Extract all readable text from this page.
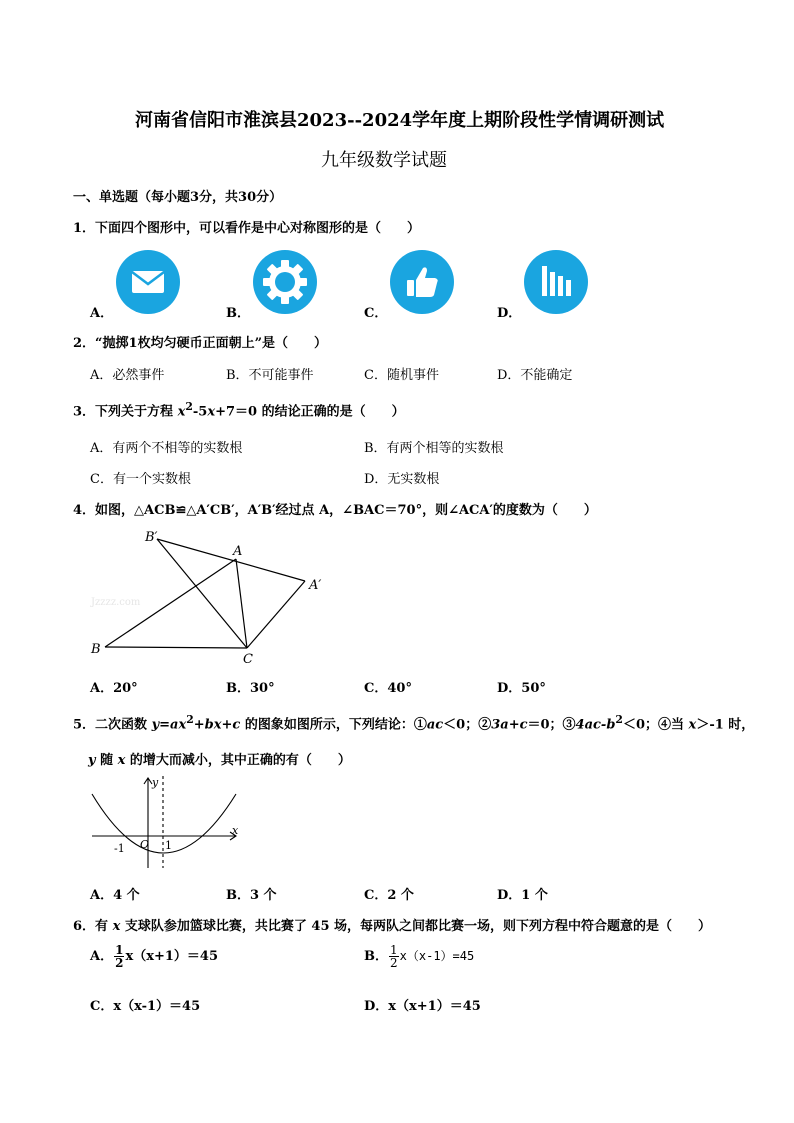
河南省信阳市淮滨县2023--2024学年度上期阶段性学情调研测试
九年级数学试题
一、单选题（每小题3分，共30分）
1．下面四个图形中，可以看作是中心对称图形的是（　　）
A．	B．	C．	D．
2．“抛掷1枚均匀硬币正面朝上”是（　　）
A．必然事件	B．不可能事件	C．随机事件	D．不能确定
3．下列关于方程 $x^2-5x+7=0$ 的结论正确的是（　　）
A．有两个不相等的实数根	B．有两个相等的实数根
C．有一个实数根	D．无实数根
4．如图，△ACB≌△A′CB′，A′B′经过点 A，∠BAC＝70°，则∠ACA′的度数为（　　）
B′
A
A′
B
C
Jzzzz.com
A．20°	B．30°	C．40°	D．50°
5．二次函数 $y=ax^2+bx+c$ 的图象如图所示，下列结论：①ac＜0；②3a+c＝0；$③4ac-b^2<0$；④当 x＞-1 时，
y 随 x 的增大而减小，其中正确的有（　　）
y
x
O
-1	1
A．4 个	B．3 个	C．2 个	D．1 个
6．有 x 支球队参加篮球比赛，共比赛了 45 场，每两队之间都比赛一场，则下列方程中符合题意的是（　　）
A． $\frac{1}{2} x(x+1)=45$	B． $\frac{1}{2} x(x-1)=45$
C．x（x-1）＝45	D．x（x+1）＝45
